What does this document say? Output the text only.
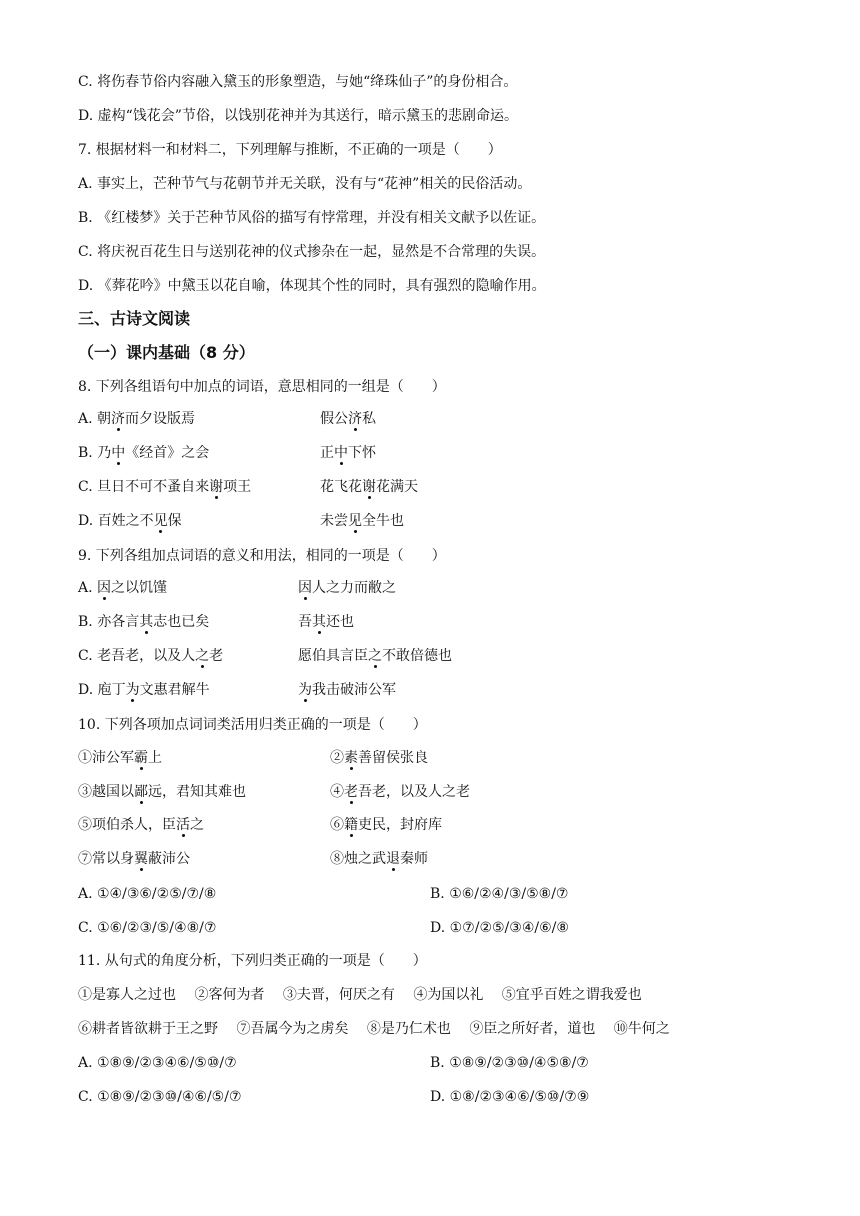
C. 将伤春节俗内容融入黛玉的形象塑造，与她“绛珠仙子”的身份相合。
D. 虚构“饯花会”节俗，以饯别花神并为其送行，暗示黛玉的悲剧命运。
7. 根据材料一和材料二，下列理解与推断，不正确的一项是（　　）
A. 事实上，芒种节气与花朝节并无关联，没有与“花神”相关的民俗活动。
B. 《红楼梦》关于芒种节风俗的描写有悖常理，并没有相关文献予以佐证。
C. 将庆祝百花生日与送别花神的仪式掺杂在一起，显然是不合常理的失误。
D. 《葬花吟》中黛玉以花自喻，体现其个性的同时，具有强烈的隐喻作用。
三、古诗文阅读
（一）课内基础（8 分）
8. 下列各组语句中加点的词语，意思相同的一组是（　　）
A. 朝济而夕设版焉	假公济私
B. 乃中《经首》之会	正中下怀
C. 旦日不可不蚤自来谢项王	花飞花谢花满天
D. 百姓之不见保	未尝见全牛也
9. 下列各组加点词语的意义和用法，相同的一项是（　　）
A. 因之以饥馑	因人之力而敝之
B. 亦各言其志也已矣	吾其还也
C. 老吾老，以及人之老	愿伯具言臣之不敢倍德也
D. 庖丁为文惠君解牛	为我击破沛公军
10. 下列各项加点词词类活用归类正确的一项是（　　）
①沛公军霸上	②素善留侯张良
③越国以鄙远，君知其难也	④老吾老，以及人之老
⑤项伯杀人，臣活之	⑥籍吏民，封府库
⑦常以身翼蔽沛公	⑧烛之武退秦师
A. ①④/③⑥/②⑤/⑦/⑧	B. ①⑥/②④/③/⑤⑧/⑦
C. ①⑥/②③/⑤/④⑧/⑦	D. ①⑦/②⑤/③④/⑥/⑧
11. 从句式的角度分析，下列归类正确的一项是（　　）
①是寡人之过也　 ②客何为者　 ③夫晋，何厌之有　 ④为国以礼　 ⑤宜乎百姓之谓我爱也
⑥耕者皆欲耕于王之野　 ⑦吾属今为之虏矣　 ⑧是乃仁术也　 ⑨臣之所好者，道也　 ⑩牛何之
A. ①⑧⑨/②③④⑥/⑤⑩/⑦	B. ①⑧⑨/②③⑩/④⑤⑧/⑦
C. ①⑧⑨/②③⑩/④⑥/⑤/⑦	D. ①⑧/②③④⑥/⑤⑩/⑦⑨
